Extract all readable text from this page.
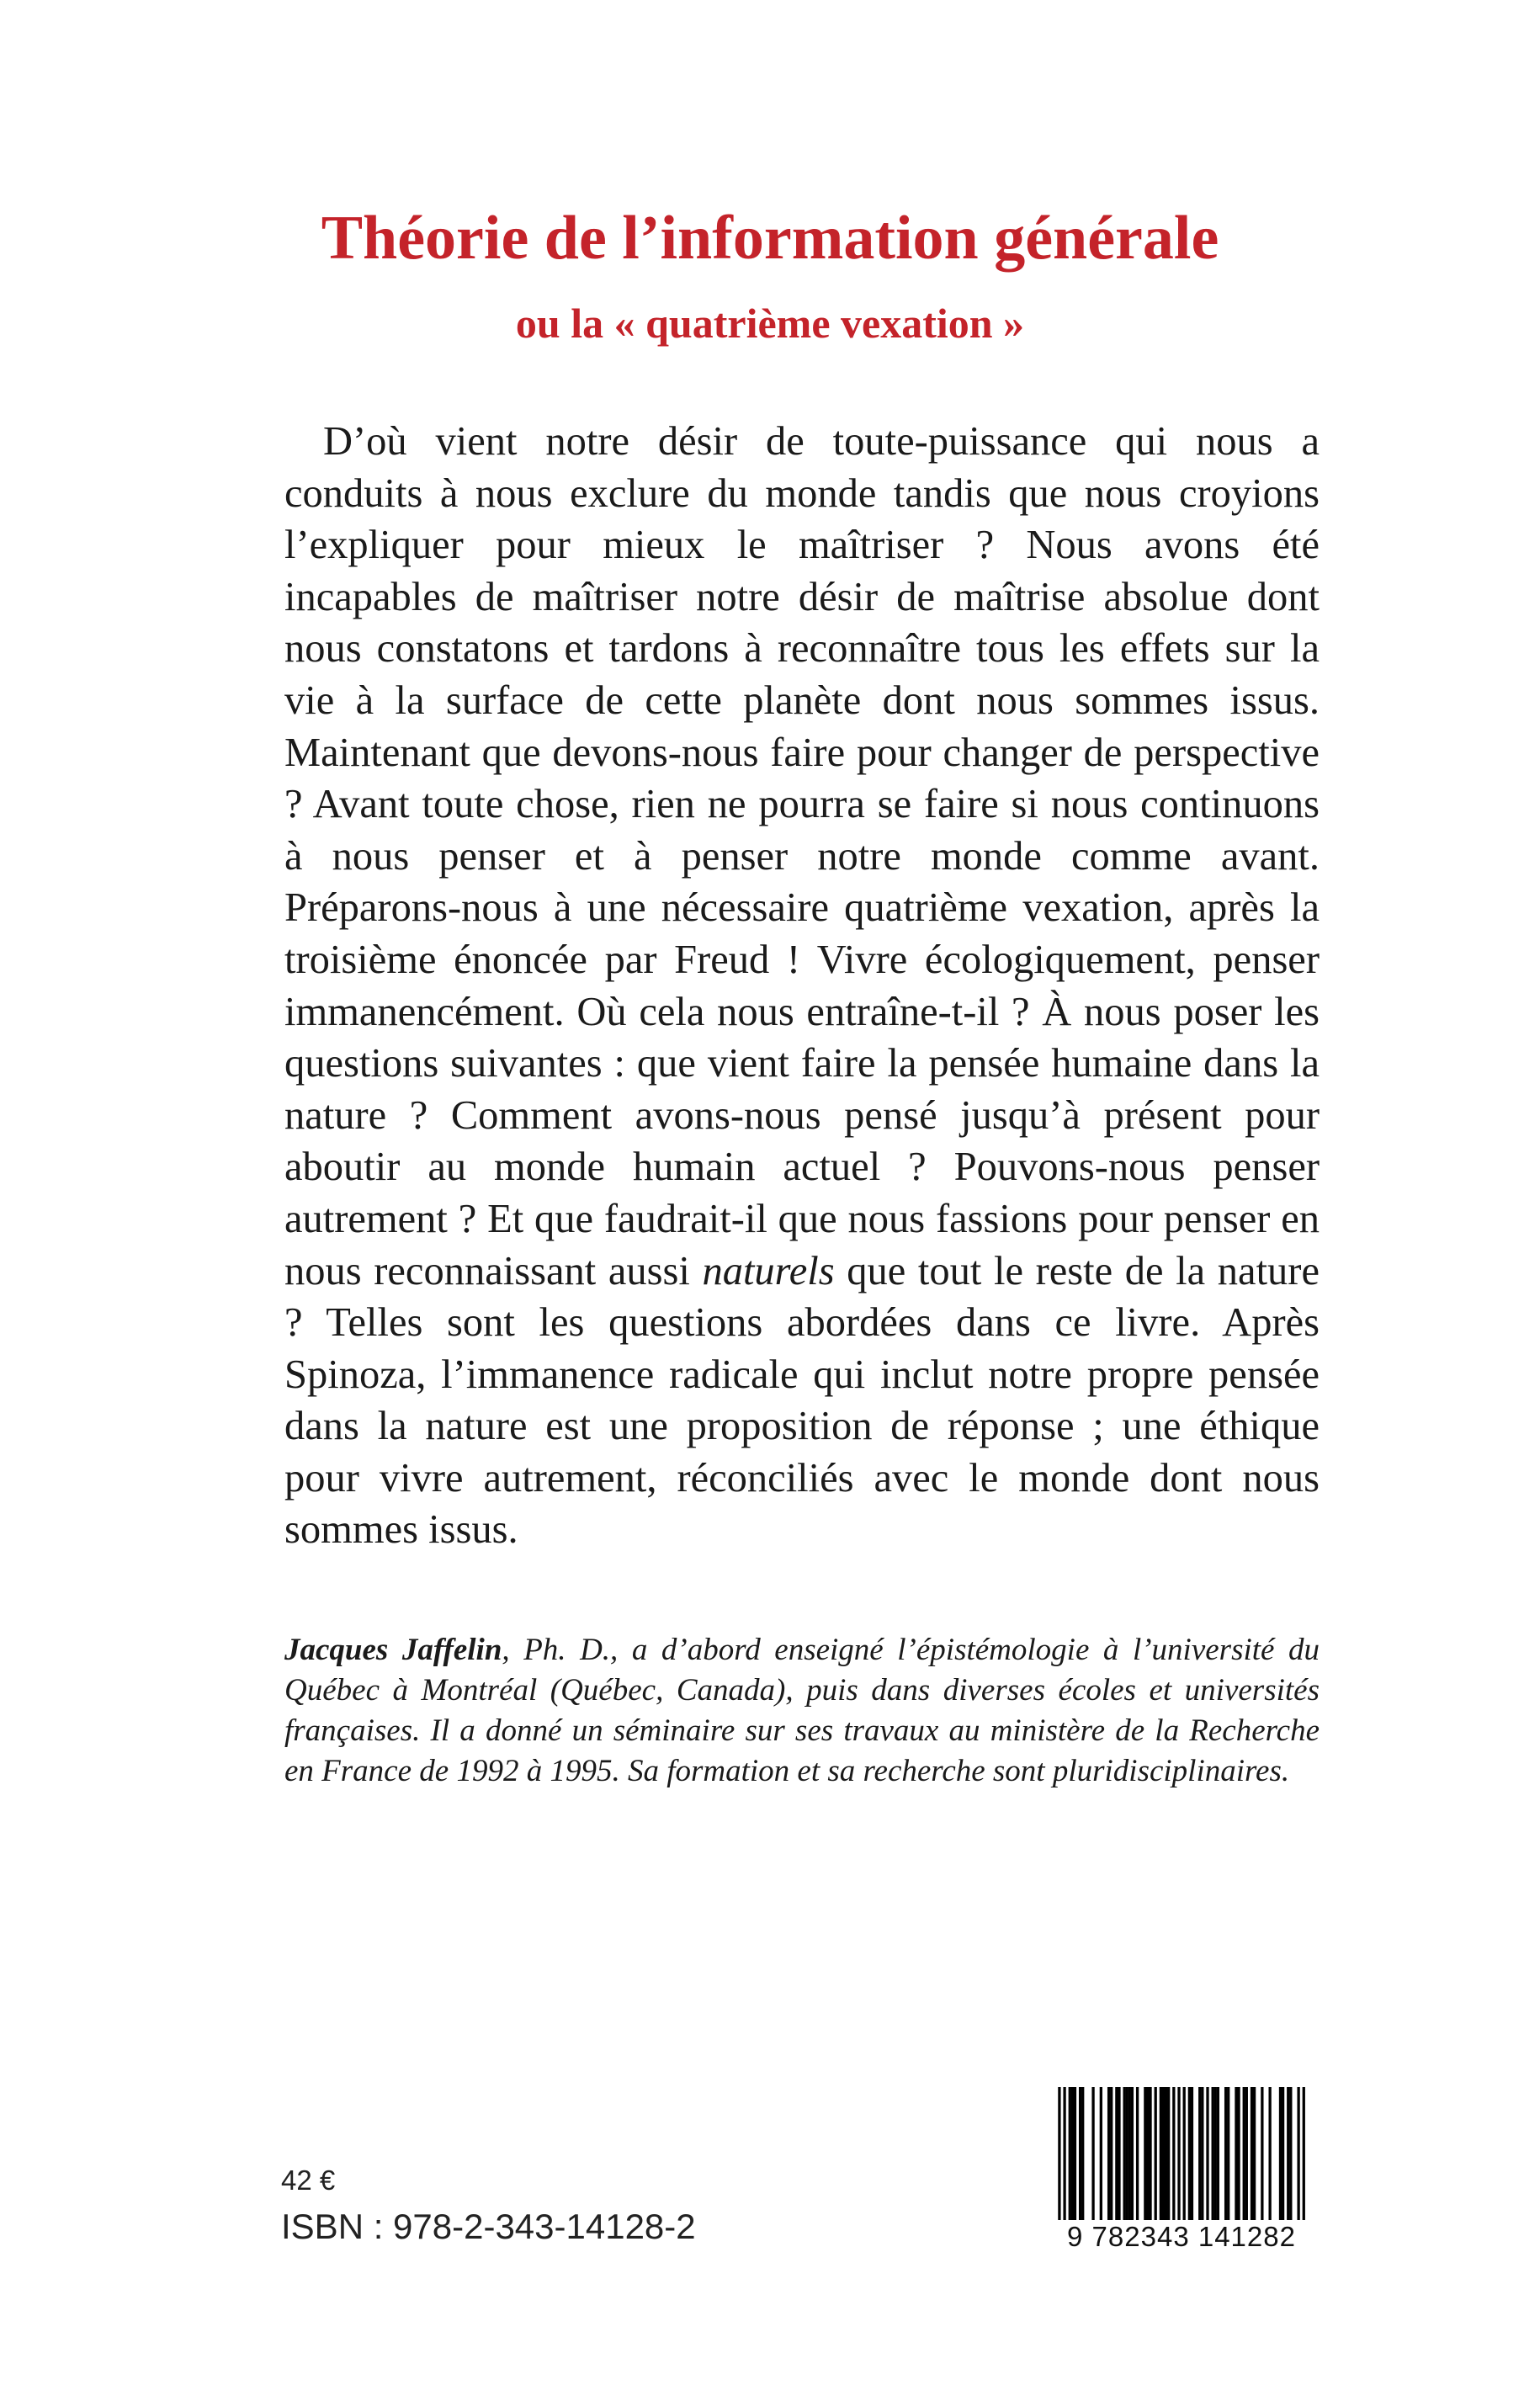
Théorie de l’information générale
ou la « quatrième vexation »

D’où vient notre désir de toute-puissance qui nous a conduits à nous exclure du monde tandis que nous croyions l’expliquer pour mieux le maîtriser ? Nous avons été incapables de maîtriser notre désir de maîtrise absolue dont nous constatons et tardons à reconnaître tous les effets sur la vie à la surface de cette planète dont nous sommes issus. Maintenant que devons-nous faire pour changer de perspective ? Avant toute chose, rien ne pourra se faire si nous continuons à nous penser et à penser notre monde comme avant. Préparons-nous à une nécessaire quatrième vexation, après la troisième énoncée par Freud ! Vivre écologiquement, penser immanencément. Où cela nous entraîne-t-il ? À nous poser les questions suivantes : que vient faire la pensée humaine dans la nature ? Comment avons-nous pensé jusqu’à présent pour aboutir au monde humain actuel ? Pouvons-nous penser autrement ? Et que faudrait-il que nous fassions pour penser en nous reconnaissant aussi naturels que tout le reste de la nature ? Telles sont les questions abordées dans ce livre. Après Spinoza, l’immanence radicale qui inclut notre propre pensée dans la nature est une proposition de réponse ; une éthique pour vivre autrement, réconciliés avec le monde dont nous sommes issus.

Jacques Jaffelin, Ph. D., a d’abord enseigné l’épistémologie à l’université du Québec à Montréal (Québec, Canada), puis dans diverses écoles et universités françaises. Il a donné un séminaire sur ses travaux au ministère de la Recherche en France de 1992 à 1995. Sa formation et sa recherche sont pluridisciplinaires.
42 €
ISBN : 978-2-343-14128-2	9 782343 141282
